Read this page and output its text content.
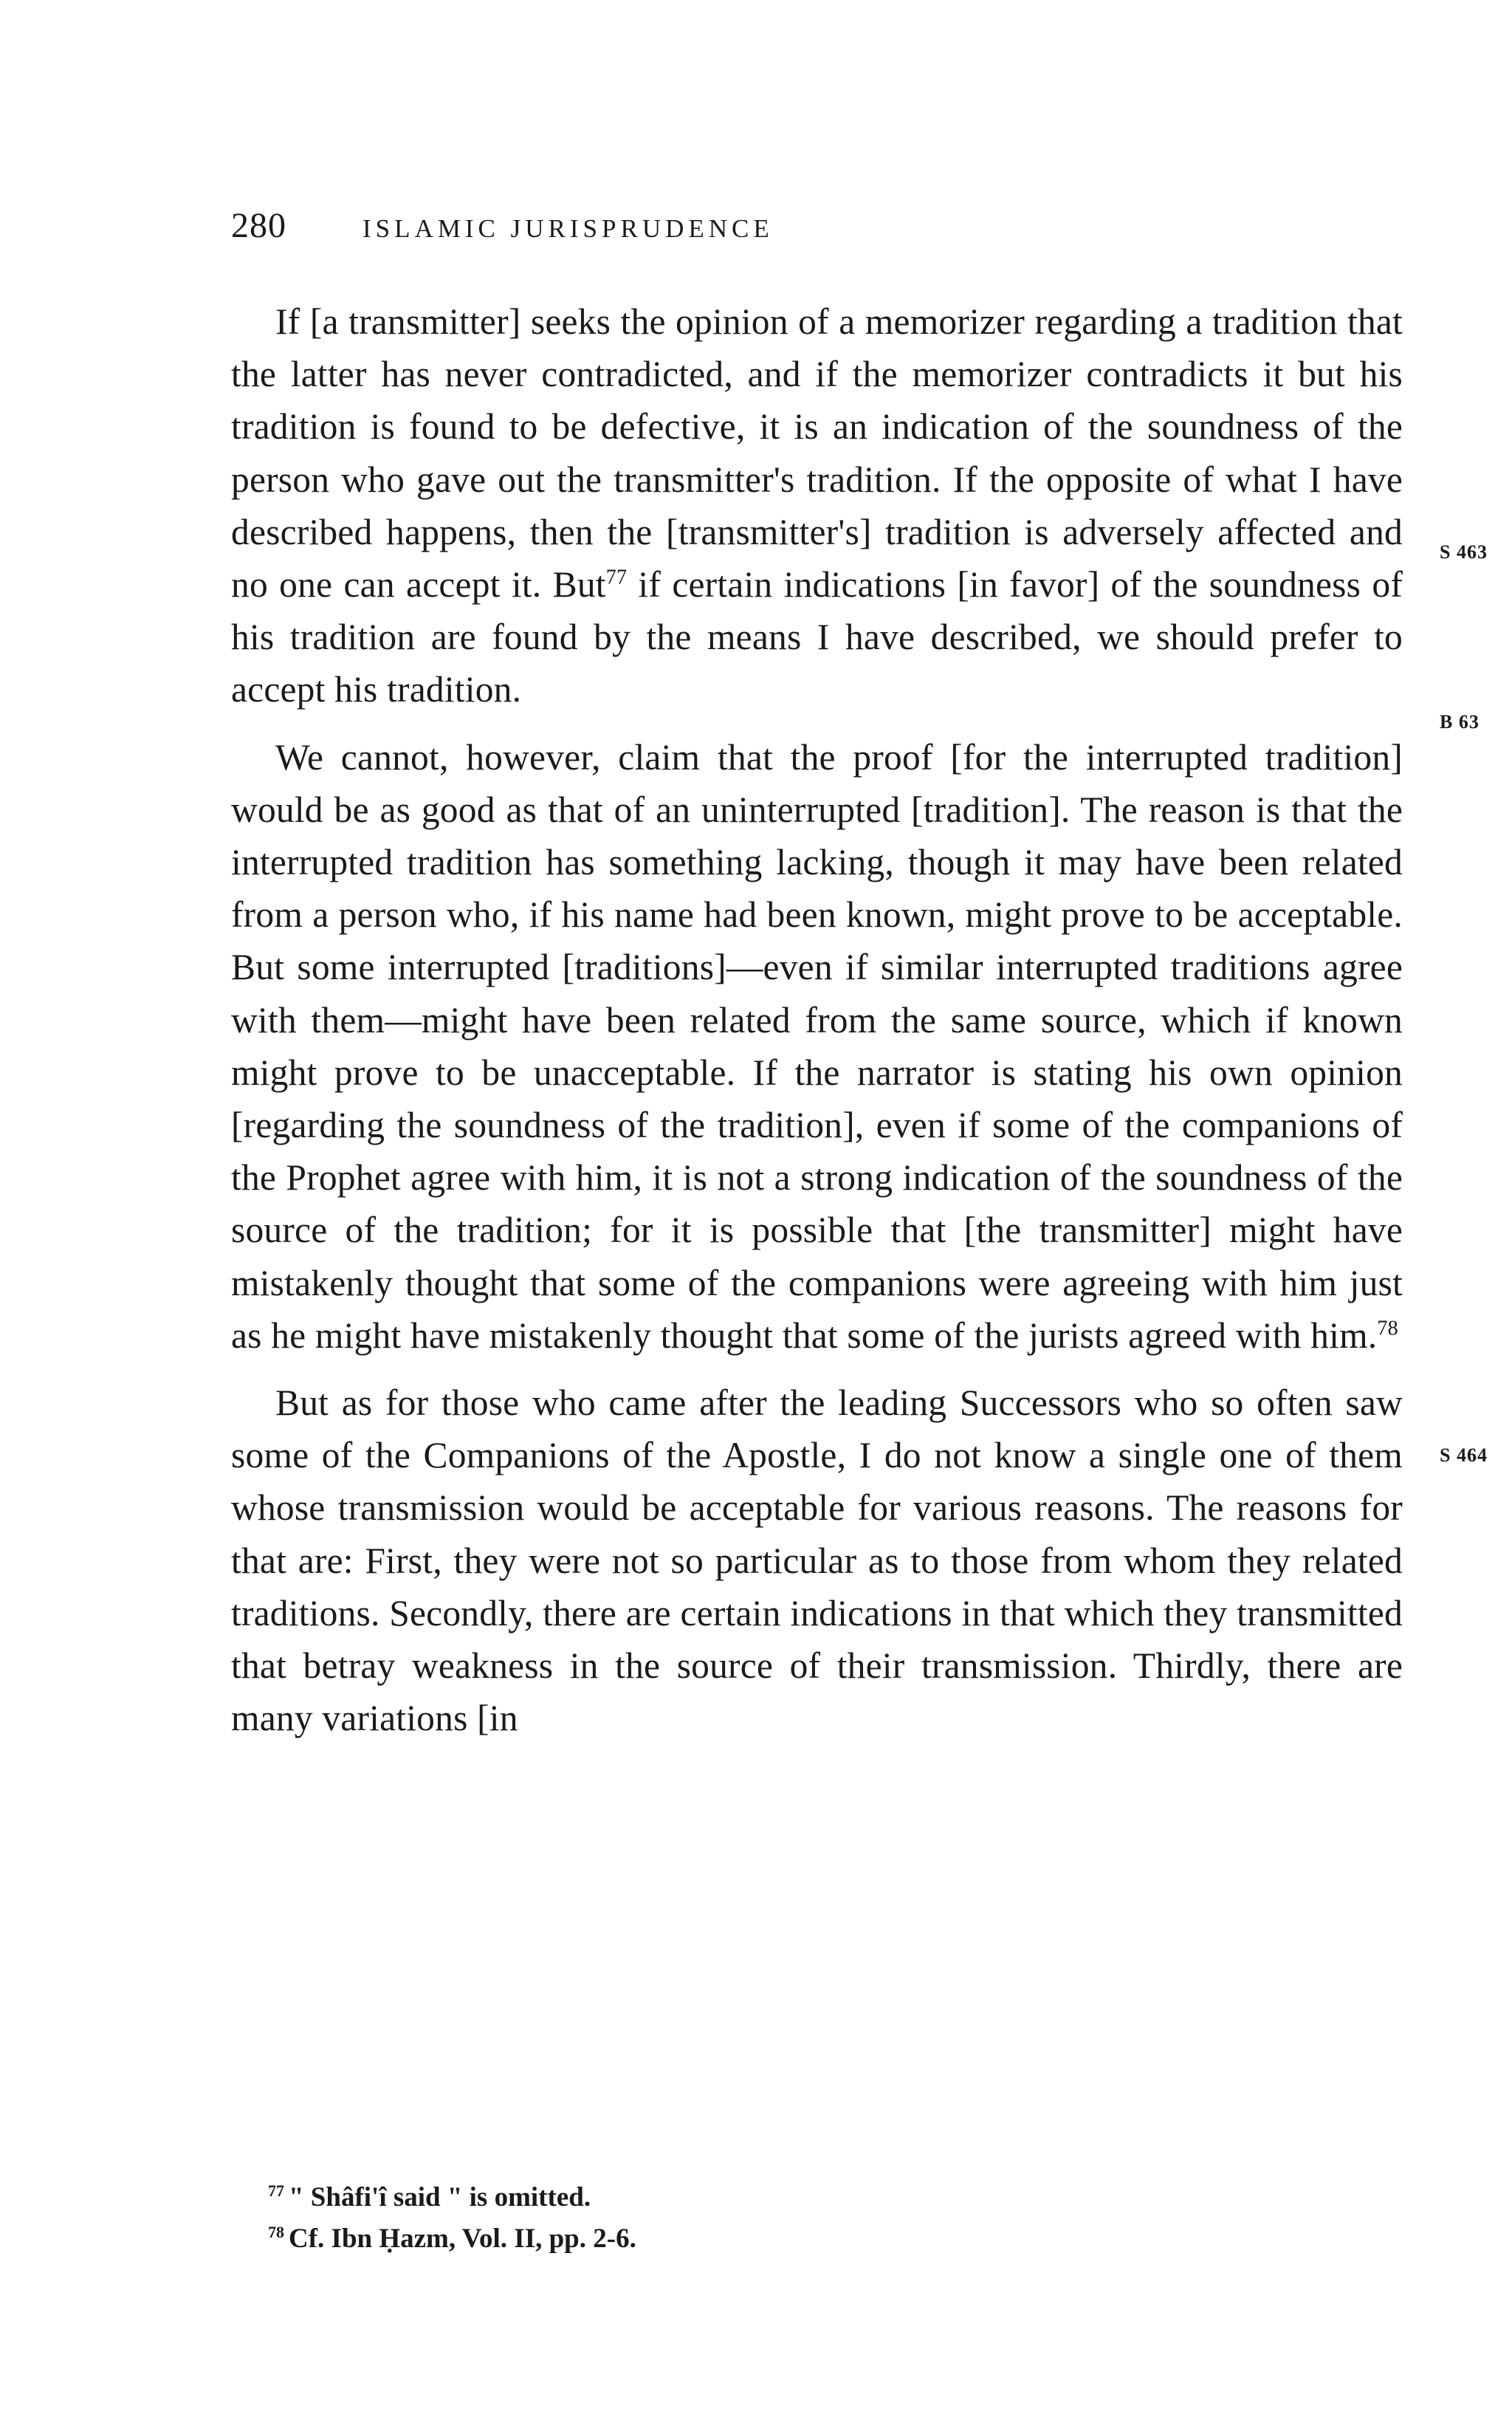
280	ISLAMIC JURISPRUDENCE

If [a transmitter] seeks the opinion of a memorizer regarding a tradition that the latter has never contradicted, and if the memorizer contradicts it but his tradition is found to be defective, it is an indication of the soundness of the person who gave out the transmitter's tradition. If the opposite of what I have described happens, then the [transmitter's] tradition is adversely affected and no one can accept it. But$^{77}$ if certain indications [in favor] of the soundness of his tradition are found by the means I have described, we should prefer to accept his tradition.

We cannot, however, claim that the proof [for the interrupted tradition] would be as good as that of an uninterrupted [tradition]. The reason is that the interrupted tradition has something lacking, though it may have been related from a person who, if his name had been known, might prove to be acceptable. But some interrupted [traditions]—even if similar interrupted traditions agree with them—might have been related from the same source, which if known might prove to be unacceptable. If the narrator is stating his own opinion [regarding the soundness of the tradition], even if some of the companions of the Prophet agree with him, it is not a strong indication of the soundness of the source of the tradition; for it is possible that [the transmitter] might have mistakenly thought that some of the companions were agreeing with him just as he might have mistakenly thought that some of the jurists agreed with him.$^{78}$

But as for those who came after the leading Successors who so often saw some of the Companions of the Apostle, I do not know a single one of them whose transmission would be acceptable for various reasons. The reasons for that are: First, they were not so particular as to those from whom they related traditions. Secondly, there are certain indications in that which they transmitted that betray weakness in the source of their transmission. Thirdly, there are many variations [in

S 463
B 63
S 464

$^{77}$ " Shâfi'î said " is omitted.

$^{78}$ Cf. Ibn Ḥazm, Vol. II, pp. 2-6.
